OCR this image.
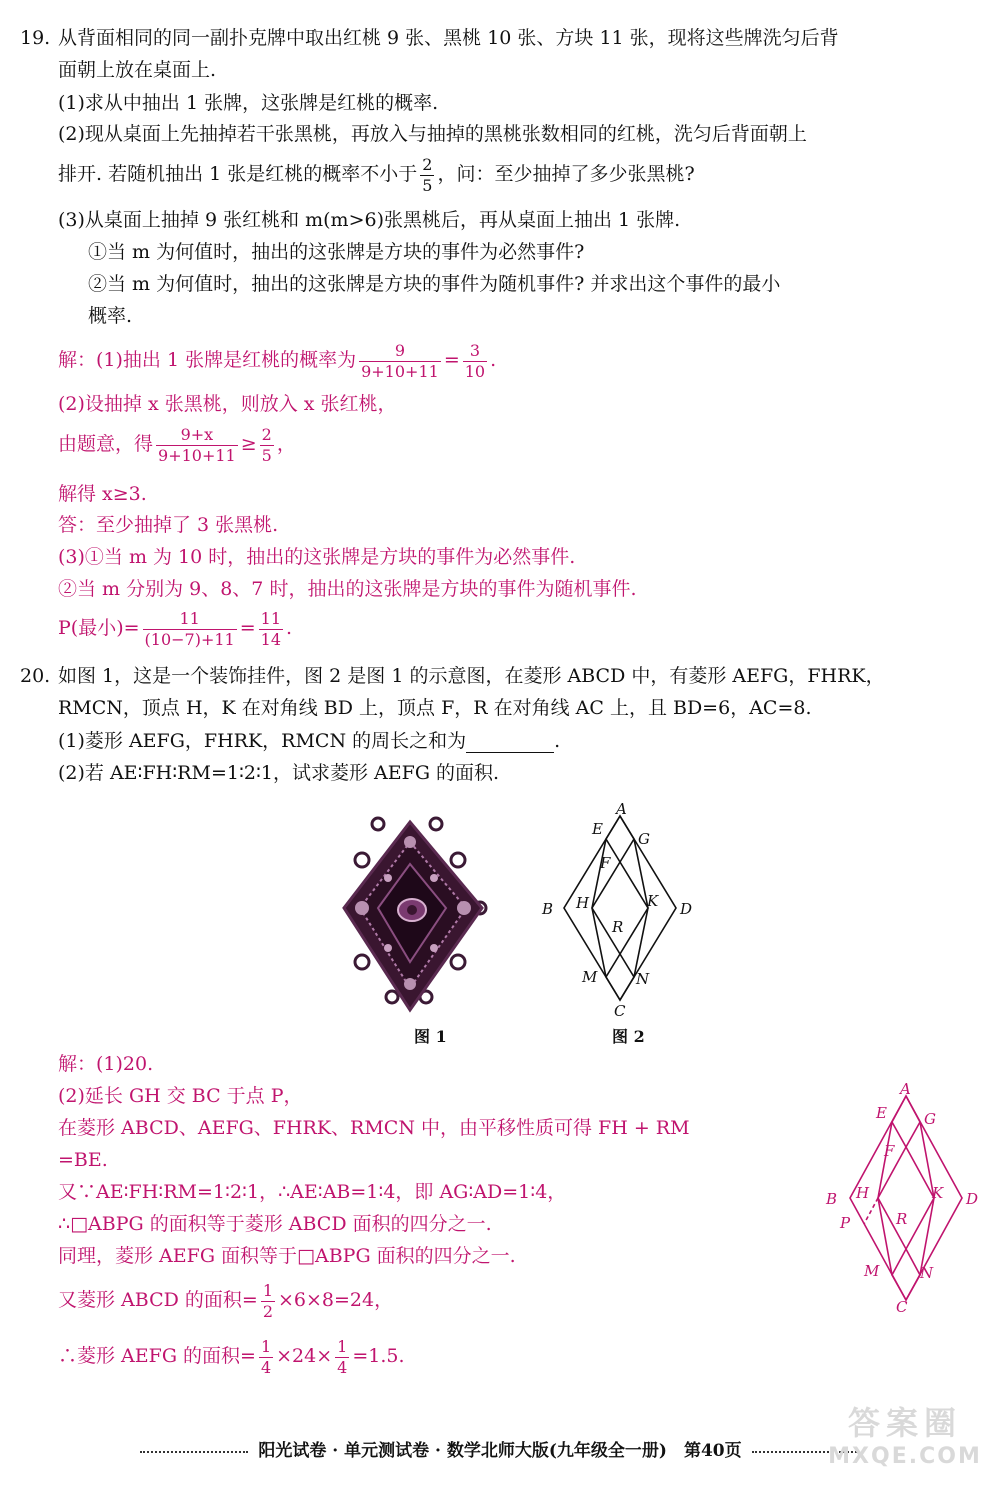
19. 从背面相同的同一副扑克牌中取出红桃 9 张、黑桃 10 张、方块 11 张，现将这些牌洗匀后背
面朝上放在桌面上.
(1)求从中抽出 1 张牌，这张牌是红桃的概率.
(2)现从桌面上先抽掉若干张黑桃，再放入与抽掉的黑桃张数相同的红桃，洗匀后背面朝上
排开. 若随机抽出 1 张是红桃的概率不小于 $\frac{2}{5}$ ，问：至少抽掉了多少张黑桃?
(3)从桌面上抽掉 9 张红桃和 m(m>6)张黑桃后，再从桌面上抽出 1 张牌.
①当 m 为何值时，抽出的这张牌是方块的事件为必然事件?
②当 m 为何值时，抽出的这张牌是方块的事件为随机事件? 并求出这个事件的最小
概率.
解：(1)抽出 1 张牌是红桃的概率为 $\frac{9}{9+10+11} = \frac{3}{10}$ .
(2)设抽掉 x 张黑桃，则放入 x 张红桃，
由题意，得 $\frac{9+x}{9+10+11} \ge \frac{2}{5}$ ，
解得 x≥3.
答：至少抽掉了 3 张黑桃.
(3)①当 m 为 10 时，抽出的这张牌是方块的事件为必然事件.
②当 m 分别为 9、8、7 时，抽出的这张牌是方块的事件为随机事件.
P(最小)= $\frac{11}{(10-7)+11} = \frac{11}{14}$ .
20. 如图 1，这是一个装饰挂件，图 2 是图 1 的示意图，在菱形 ABCD 中，有菱形 AEFG，FHRK，
RMCN，顶点 H，K 在对角线 BD 上，顶点 F，R 在对角线 AC 上，且 BD=6，AC=8.
(1)菱形 AEFG，FHRK，RMCN 的周长之和为	.
(2)若 AE∶FH∶RM=1∶2∶1，试求菱形 AEFG 的面积.
图 1
A
E
G
F
B H	K D
R
M	N
C
图 2
解：(1)20.
(2)延长 GH 交 BC 于点 P，
在菱形 ABCD、AEFG、FHRK、RMCN 中，由平移性质可得 FH + RM
=BE.
又∵AE∶FH∶RM=1∶2∶1，∴AE∶AB=1∶4，即 AG∶AD=1∶4，
∴□ABPG 的面积等于菱形 ABCD 面积的四分之一.
同理，菱形 AEFG 面积等于□ABPG 面积的四分之一.
又菱形 ABCD 的面积= $\frac{1}{2} \times 6\times 8=24$，
∴菱形 AEFG 的面积= $\frac{1}{4} \times 24\times \frac{1}{4} =1.5$.
A
E G
F
B H	K D
R
P
M	N
C
阳光试卷 · 单元测试卷 · 数学北师大版(九年级全一册)　第40页
答案圈
MXQE.COM
